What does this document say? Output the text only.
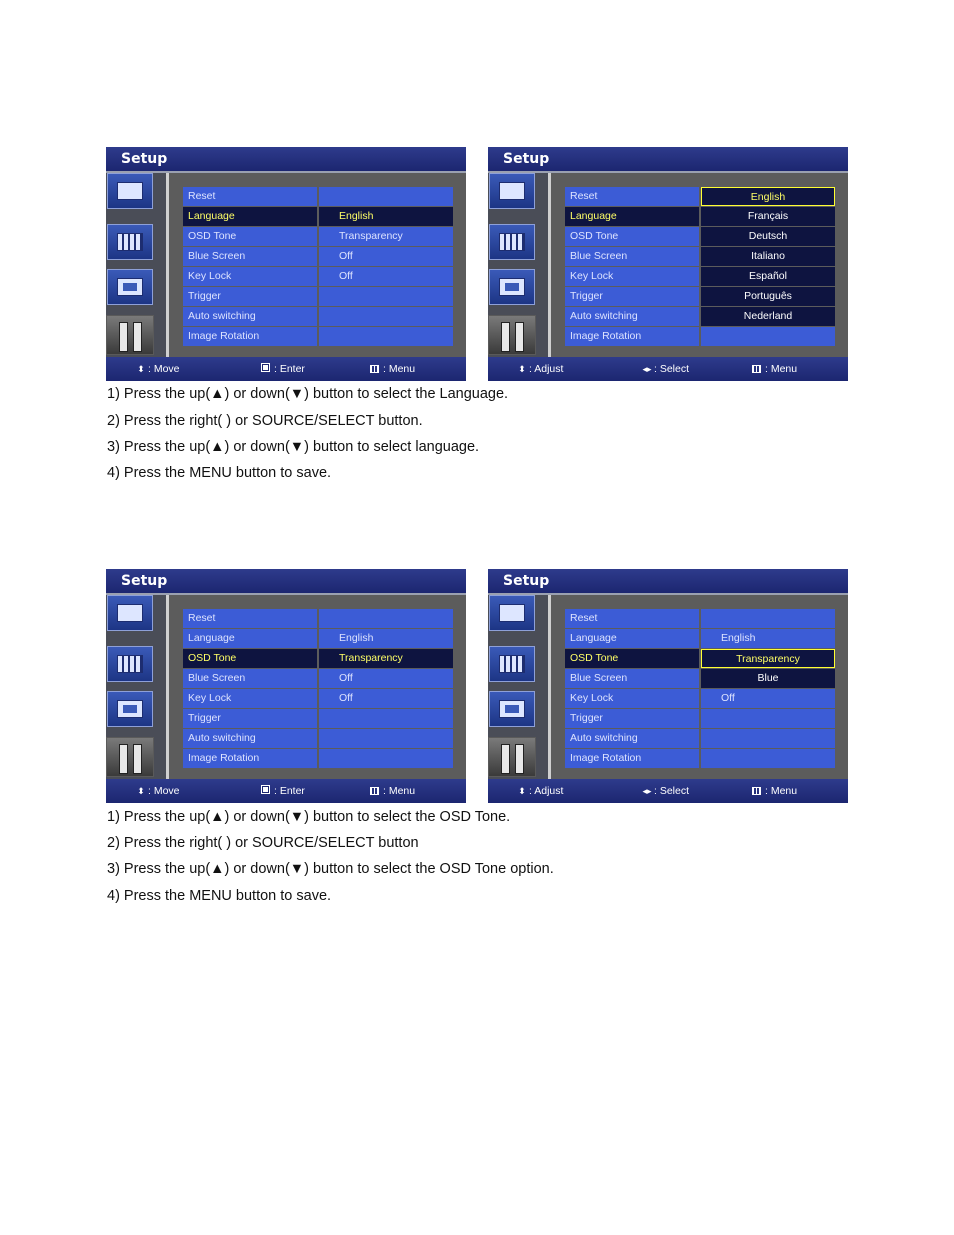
Setup
Reset
Language	English
OSD Tone	Transparency
Blue Screen	Off
Key Lock	Off
Trigger
Auto switching
Image Rotation
⬍ : Move	: Enter	: Menu
Setup
Reset	English
Language	Français
OSD Tone	Deutsch
Blue Screen	Italiano
Key Lock	Español
Trigger	Português
Auto switching	Nederland
Image Rotation
⬍ : Adjust	◂▸ : Select	: Menu
Setup
Reset
Language	English
OSD Tone	Transparency
Blue Screen	Off
Key Lock	Off
Trigger
Auto switching
Image Rotation
⬍ : Move	: Enter	: Menu
Setup
Reset
Language	English
OSD Tone	Transparency
Blue Screen	Blue
Key Lock	Off
Trigger
Auto switching
Image Rotation
⬍ : Adjust	◂▸ : Select	: Menu
1) Press the up(▲) or down(▼) button to select the Language.
2) Press the right( ) or SOURCE/SELECT button.
3) Press the up(▲) or down(▼) button to select language.
4) Press the MENU button to save.
1) Press the up(▲) or down(▼) button to select the OSD Tone.
2) Press the right( ) or SOURCE/SELECT button
3) Press the up(▲) or down(▼) button to select the OSD Tone option.
4) Press the MENU button to save.
